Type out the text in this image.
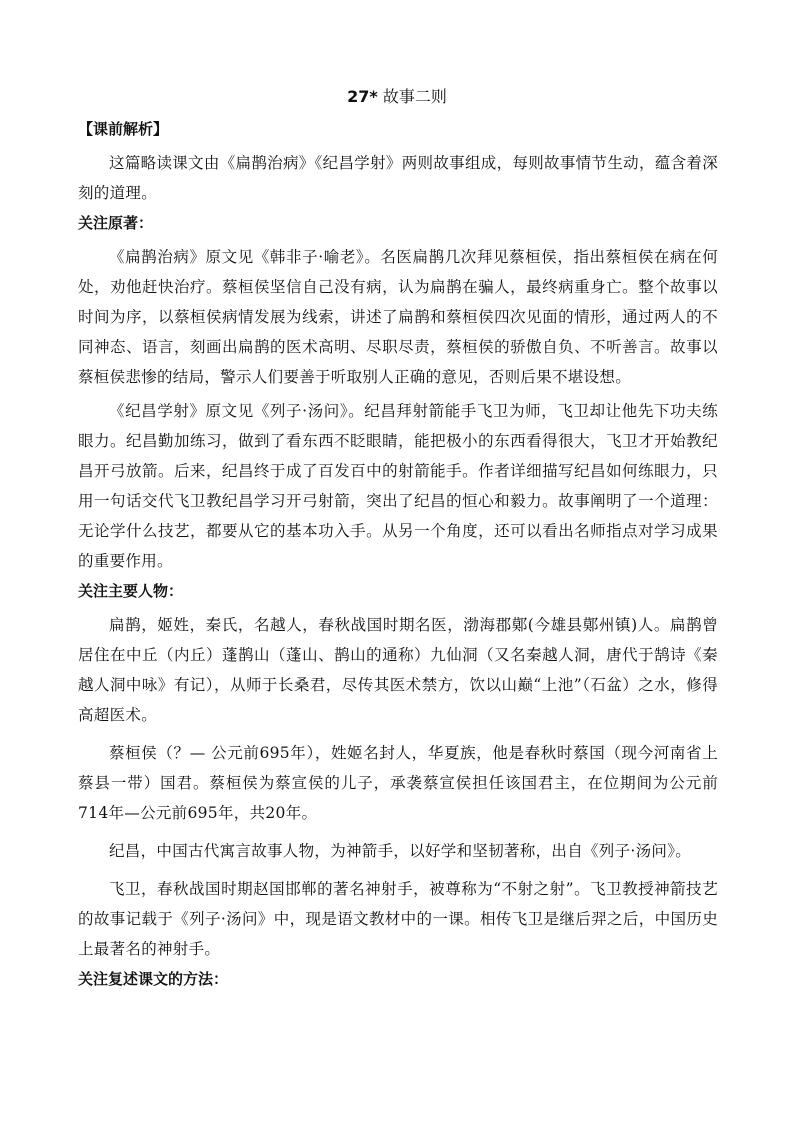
27* 故事二则

【课前解析】

这篇略读课文由《扁鹊治病》《纪昌学射》两则故事组成，每则故事情节生动，蕴含着深刻的道理。

关注原著：

《扁鹊治病》原文见《韩非子·喻老》。名医扁鹊几次拜见蔡桓侯，指出蔡桓侯在病在何处，劝他赶快治疗。蔡桓侯坚信自己没有病，认为扁鹊在骗人，最终病重身亡。整个故事以时间为序，以蔡桓侯病情发展为线索，讲述了扁鹊和蔡桓侯四次见面的情形，通过两人的不同神态、语言，刻画出扁鹊的医术高明、尽职尽责，蔡桓侯的骄傲自负、不听善言。故事以蔡桓侯悲惨的结局，警示人们要善于听取别人正确的意见，否则后果不堪设想。

《纪昌学射》原文见《列子·汤问》。纪昌拜射箭能手飞卫为师，飞卫却让他先下功夫练眼力。纪昌勤加练习，做到了看东西不眨眼睛，能把极小的东西看得很大，飞卫才开始教纪昌开弓放箭。后来，纪昌终于成了百发百中的射箭能手。作者详细描写纪昌如何练眼力，只用一句话交代飞卫教纪昌学习开弓射箭，突出了纪昌的恒心和毅力。故事阐明了一个道理：无论学什么技艺，都要从它的基本功入手。从另一个角度，还可以看出名师指点对学习成果的重要作用。

关注主要人物：

扁鹊，姬姓，秦氏，名越人，春秋战国时期名医，渤海郡鄚(今雄县鄚州镇)人。扁鹊曾居住在中丘（内丘）蓬鹊山（蓬山、鹊山的通称）九仙洞（又名秦越人洞，唐代于鹄诗《秦越人洞中咏》有记），从师于长桑君，尽传其医术禁方，饮以山巅“上池”（石盆）之水，修得高超医术。

蔡桓侯（？— 公元前695年），姓姬名封人，华夏族，他是春秋时蔡国（现今河南省上蔡县一带）国君。蔡桓侯为蔡宣侯的儿子，承袭蔡宣侯担任该国君主，在位期间为公元前714年—公元前695年，共20年。

纪昌，中国古代寓言故事人物，为神箭手，以好学和坚韧著称，出自《列子·汤问》。

飞卫，春秋战国时期赵国邯郸的著名神射手，被尊称为“不射之射”。飞卫教授神箭技艺的故事记载于《列子·汤问》中，现是语文教材中的一课。相传飞卫是继后羿之后，中国历史上最著名的神射手。

关注复述课文的方法：
